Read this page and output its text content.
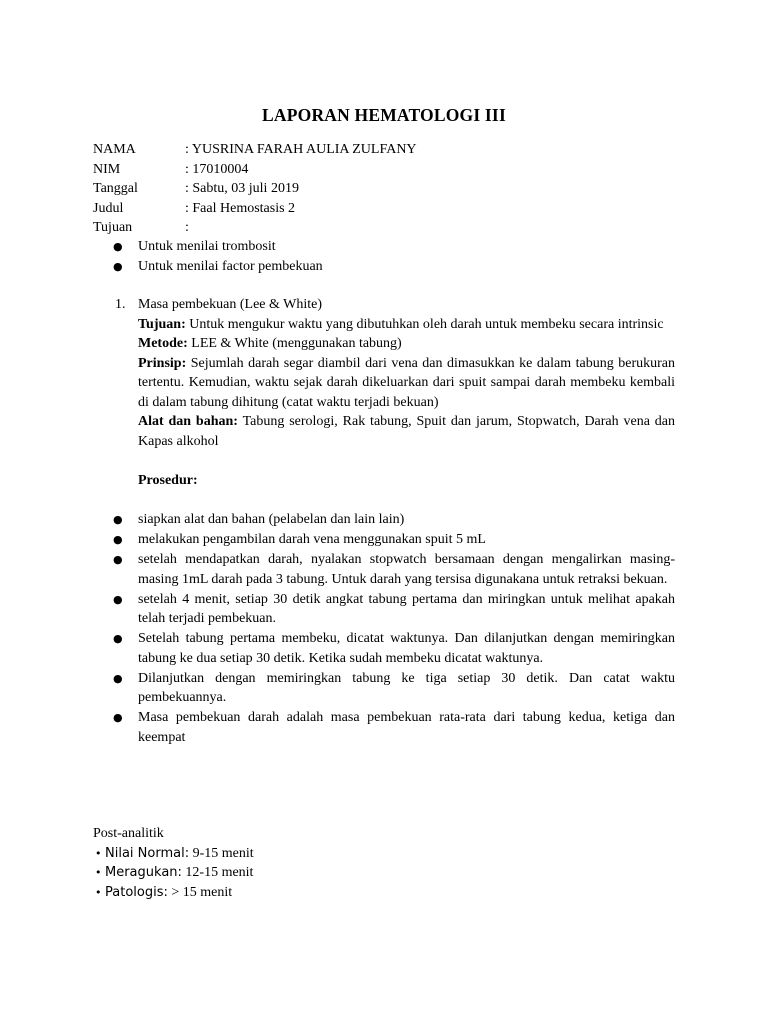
LAPORAN HEMATOLOGI III
NAMA	: YUSRINA FARAH AULIA ZULFANY
NIM	: 17010004
Tanggal	: Sabtu, 03 juli 2019
Judul	: Faal Hemostasis 2
Tujuan	:
●	Untuk menilai trombosit
●	Untuk menilai factor pembekuan
1. Masa pembekuan (Lee & White)

Tujuan: Untuk mengukur waktu yang dibutuhkan oleh darah untuk membeku secara intrinsic

Metode: LEE & White (menggunakan tabung)

Prinsip: Sejumlah darah segar diambil dari vena dan dimasukkan ke dalam tabung berukuran tertentu. Kemudian, waktu sejak darah dikeluarkan dari spuit sampai darah membeku kembali di dalam tabung dihitung (catat waktu terjadi bekuan)

Alat dan bahan: Tabung serologi, Rak tabung, Spuit dan jarum, Stopwatch, Darah vena dan Kapas alkohol

Prosedur:

●	siapkan alat dan bahan (pelabelan dan lain lain)
●	melakukan pengambilan darah vena menggunakan spuit 5 mL
●	setelah mendapatkan darah, nyalakan stopwatch bersamaan dengan mengalirkan masing-masing 1mL darah pada 3 tabung. Untuk darah yang tersisa digunakana untuk retraksi bekuan.
●	setelah 4 menit, setiap 30 detik angkat tabung pertama dan miringkan untuk melihat apakah telah terjadi pembekuan.
●	Setelah tabung pertama membeku, dicatat waktunya. Dan dilanjutkan dengan memiringkan tabung ke dua setiap 30 detik. Ketika sudah membeku dicatat waktunya.
●	Dilanjutkan dengan memiringkan tabung ke tiga setiap 30 detik. Dan catat waktu pembekuannya.
●	Masa pembekuan darah adalah masa pembekuan rata-rata dari tabung kedua, ketiga dan keempat
Post-analitik
• Nilai Normal: 9-15 menit
• Meragukan: 12-15 menit
• Patologis: > 15 menit
